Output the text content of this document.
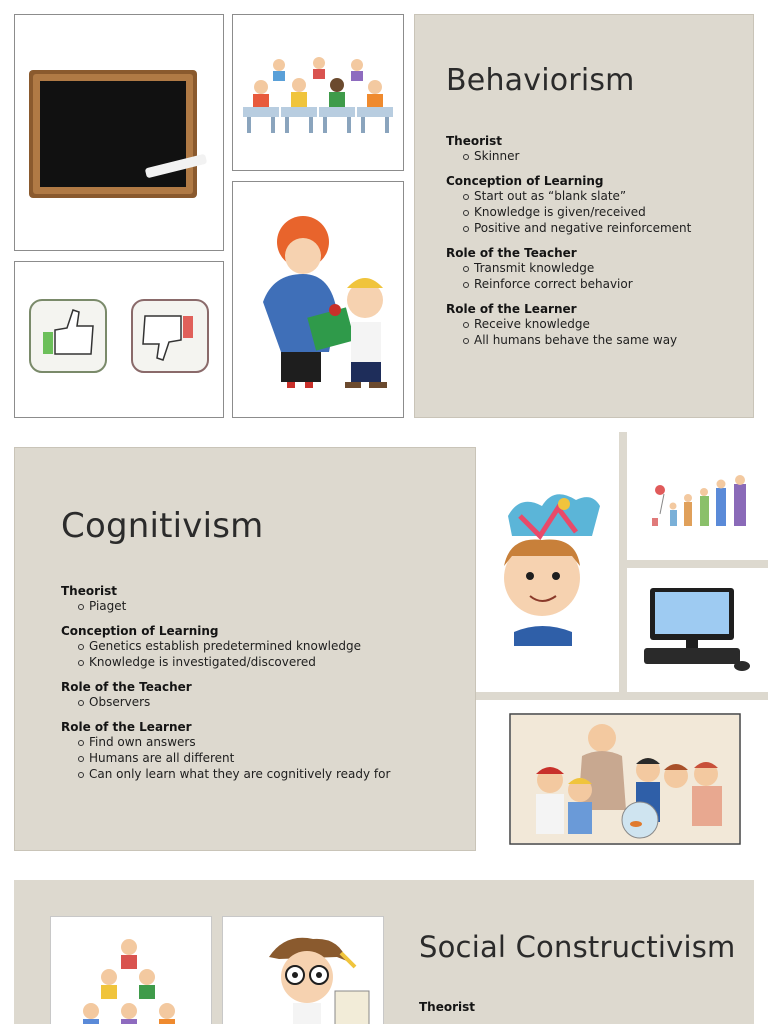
Behaviorism
Theorist
Skinner
Conception of Learning
Start out as “blank slate”
Knowledge is given/received
Positive and negative reinforcement
Role of the Teacher
Transmit knowledge
Reinforce correct behavior
Role of the Learner
Receive knowledge
All humans behave the same way
Cognitivism
Theorist
Piaget
Conception of Learning
Genetics establish predetermined knowledge
Knowledge is investigated/discovered
Role of the Teacher
Observers
Role of the Learner
Find own answers
Humans are all different
Can only learn what they are cognitively ready for
Social Constructivism
Theorist
